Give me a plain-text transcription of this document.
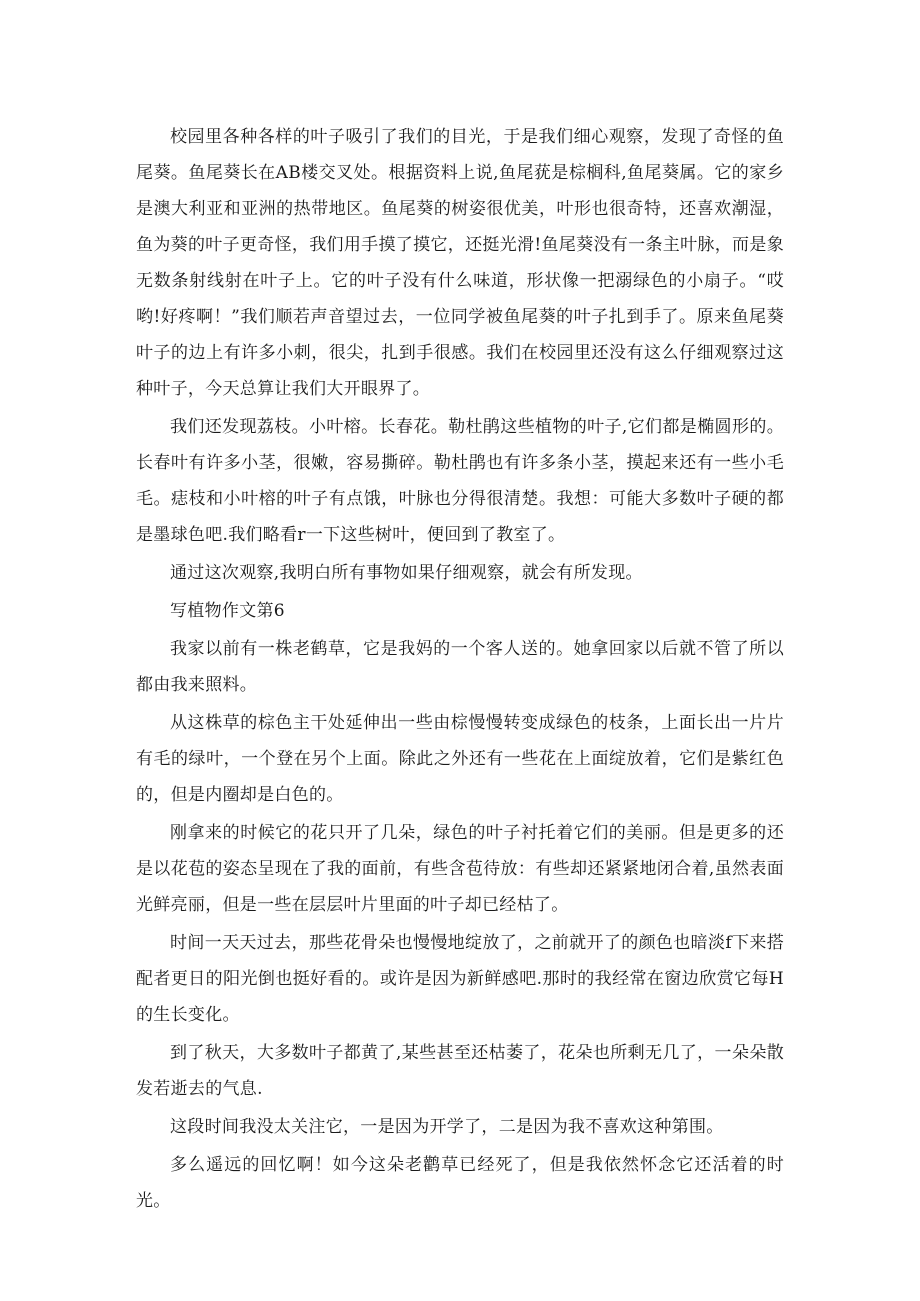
校园里各种各样的叶子吸引了我们的目光，于是我们细心观察，发现了奇怪的鱼尾葵。鱼尾葵长在AB楼交叉处。根据资料上说,鱼尾莸是棕榈科,鱼尾葵属。它的家乡是澳大利亚和亚洲的热带地区。鱼尾葵的树姿很优美，叶形也很奇特，还喜欢潮湿，鱼为葵的叶子更奇怪，我们用手摸了摸它，还挺光滑!鱼尾葵没有一条主叶脉，而是象无数条射线射在叶子上。它的叶子没有什么味道，形状像一把溺绿色的小扇子。“哎哟!好疼啊！”我们顺若声音望过去，一位同学被鱼尾葵的叶子扎到手了。原来鱼尾葵叶子的边上有许多小刺，很尖，扎到手很感。我们在校园里还没有这么仔细观察过这种叶子，今天总算让我们大开眼界了。

我们还发现荔枝。小叶榕。长春花。勒杜鹃这些植物的叶子,它们都是椭圆形的。长春叶有许多小茎，很嫩，容易撕碎。勒杜鹃也有许多条小茎，摸起来还有一些小毛毛。痣枝和小叶榕的叶子有点饿，叶脉也分得很清楚。我想：可能大多数叶子硬的都是墨球色吧.我们略看r一下这些树叶，便回到了教室了。

通过这次观察,我明白所有事物如果仔细观察，就会有所发现。

写植物作文第6

我家以前有一株老鹤草，它是我妈的一个客人送的。她拿回家以后就不管了所以都由我来照料。

从这株草的棕色主干处延伸出一些由棕慢慢转变成绿色的枝条，上面长出一片片有毛的绿叶，一个登在另个上面。除此之外还有一些花在上面绽放着，它们是紫红色的，但是内圈却是白色的。

刚拿来的时候它的花只开了几朵，绿色的叶子衬托着它们的美丽。但是更多的还是以花苞的姿态呈现在了我的面前，有些含苞待放：有些却还紧紧地闭合着,虽然表面光鲜亮丽，但是一些在层层叶片里面的叶子却已经枯了。

时间一天天过去，那些花骨朵也慢慢地绽放了，之前就开了的颜色也暗淡f下来搭配者更日的阳光倒也挺好看的。或许是因为新鲜感吧.那时的我经常在窗边欣赏它每H的生长变化。

到了秋天，大多数叶子都黄了,某些甚至还枯萎了，花朵也所剩无几了，一朵朵散发若逝去的气息.

这段时间我没太关注它，一是因为开学了，二是因为我不喜欢这种第围。

多么遥远的回忆啊！如今这朵老鹳草已经死了，但是我依然怀念它还活着的时光。
